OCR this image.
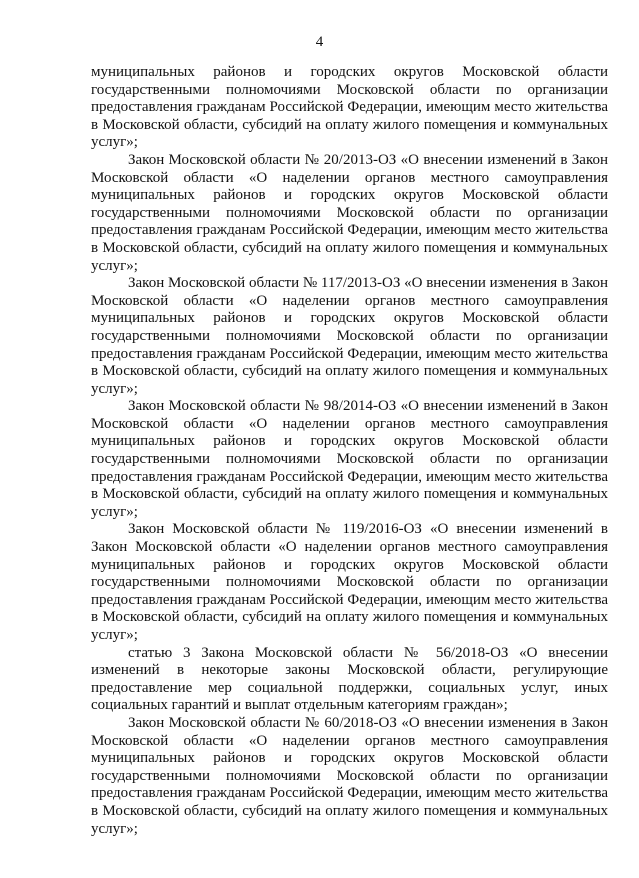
4

муниципальных районов и городских округов Московской области государственными полномочиями Московской области по организации предоставления гражданам Российской Федерации, имеющим место жительства в Московской области, субсидий на оплату жилого помещения и коммунальных услуг»;

Закон Московской области № 20/2013-ОЗ «О внесении изменений в Закон Московской области «О наделении органов местного самоуправления муниципальных районов и городских округов Московской области государственными полномочиями Московской области по организации предоставления гражданам Российской Федерации, имеющим место жительства в Московской области, субсидий на оплату жилого помещения и коммунальных услуг»;

Закон Московской области № 117/2013-ОЗ «О внесении изменения в Закон Московской области «О наделении органов местного самоуправления муниципальных районов и городских округов Московской области государственными полномочиями Московской области по организации предоставления гражданам Российской Федерации, имеющим место жительства в Московской области, субсидий на оплату жилого помещения и коммунальных услуг»;

Закон Московской области № 98/2014-ОЗ «О внесении изменений в Закон Московской области «О наделении органов местного самоуправления муниципальных районов и городских округов Московской области государственными полномочиями Московской области по организации предоставления гражданам Российской Федерации, имеющим место жительства в Московской области, субсидий на оплату жилого помещения и коммунальных услуг»;

Закон Московской области № 119/2016-ОЗ «О внесении изменений в Закон Московской области «О наделении органов местного самоуправления муниципальных районов и городских округов Московской области государственными полномочиями Московской области по организации предоставления гражданам Российской Федерации, имеющим место жительства в Московской области, субсидий на оплату жилого помещения и коммунальных услуг»;

статью 3 Закона Московской области № 56/2018-ОЗ «О внесении изменений в некоторые законы Московской области, регулирующие предоставление мер социальной поддержки, социальных услуг, иных социальных гарантий и выплат отдельным категориям граждан»;

Закон Московской области № 60/2018-ОЗ «О внесении изменения в Закон Московской области «О наделении органов местного самоуправления муниципальных районов и городских округов Московской области государственными полномочиями Московской области по организации предоставления гражданам Российской Федерации, имеющим место жительства в Московской области, субсидий на оплату жилого помещения и коммунальных услуг»;
